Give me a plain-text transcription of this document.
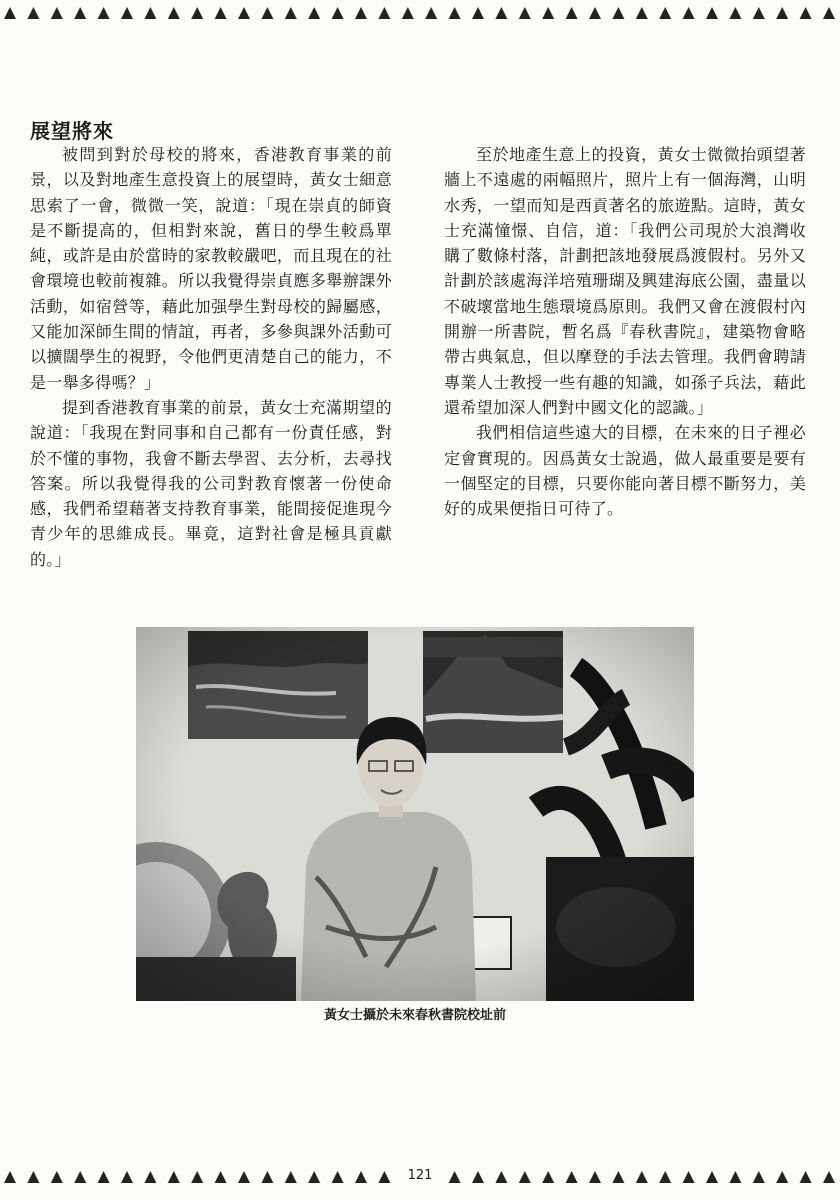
展望將來

被問到對於母校的將來，香港教育事業的前景，以及對地產生意投資上的展望時，黃女士細意思索了一會，微微一笑，說道：「現在崇貞的師資是不斷提高的，但相對來說，舊日的學生較爲單純，或許是由於當時的家教較嚴吧，而且現在的社會環境也較前複雜。所以我覺得崇貞應多舉辦課外活動，如宿營等，藉此加强學生對母校的歸屬感，又能加深師生間的情誼，再者，多參與課外活動可以擴闊學生的視野，令他們更清楚自己的能力，不是一舉多得嗎？」

提到香港教育事業的前景，黃女士充滿期望的說道：「我現在對同事和自己都有一份責任感，對於不懂的事物，我會不斷去學習、去分析，去尋找答案。所以我覺得我的公司對教育懷著一份使命感，我們希望藉著支持教育事業，能間接促進現今青少年的思維成長。畢竟，這對社會是極具貢獻的。」

至於地產生意上的投資，黃女士微微抬頭望著牆上不遠處的兩幅照片，照片上有一個海灣，山明水秀，一望而知是西貢著名的旅遊點。這時，黃女士充滿憧憬、自信，道：「我們公司現於大浪灣收購了數條村落，計劃把該地發展爲渡假村。另外又計劃於該處海洋培殖珊瑚及興建海底公園，盡量以不破壞當地生態環境爲原則。我們又會在渡假村內開辦一所書院，暫名爲『春秋書院』，建築物會略帶古典氣息，但以摩登的手法去管理。我們會聘請專業人士教授一些有趣的知識，如孫子兵法，藉此還希望加深人們對中國文化的認識。」

我們相信這些遠大的目標，在未來的日子裡必定會實現的。因爲黃女士說過，做人最重要是要有一個堅定的目標，只要你能向著目標不斷努力，美好的成果便指日可待了。

黃女士攝於未來春秋書院校址前
121
